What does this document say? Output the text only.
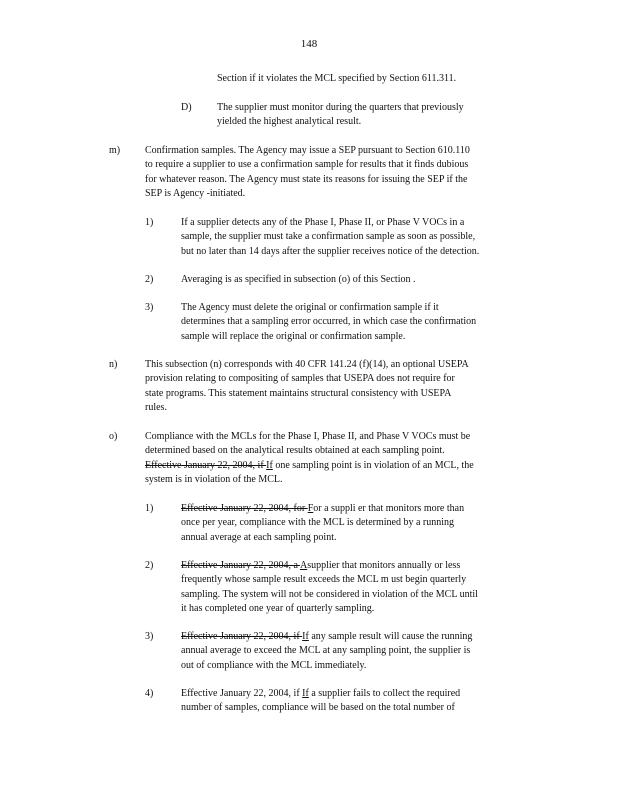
148
Section if it violates the MCL specified by Section 611.311.
D)	The supplier must monitor during the quarters that previously
yielded the highest analytical result.
m) Confirmation samples. The Agency may issue a SEP pursuant to Section 610.110
to require a supplier to use a confirmation sample for results that it finds dubious
for whatever reason. The Agency must state its reasons for issuing the SEP if the
SEP is Agency -initiated.
1)	If a supplier detects any of the Phase I, Phase II, or Phase V VOCs in a
sample, the supplier must take a confirmation sample as soon as possible,
but no later than 14 days after the supplier receives notice of the detection.
2)	Averaging is as specified in subsection (o) of this Section .
3)	The Agency must delete the original or confirmation sample if it
determines that a sampling error occurred, in which case the confirmation
sample will replace the original or confirmation sample.
n)	This subsection (n) corresponds with 40 CFR 141.24 (f)(14), an optional USEPA
provision relating to compositing of samples that USEPA does not require for
state programs. This statement maintains structural consistency with USEPA
rules.
o)	Compliance with the MCLs for the Phase I, Phase II, and Phase V VOCs must be
determined based on the analytical results obtained at each sampling point.
Effective January 22, 2004, if If one sampling point is in violation of an MCL, the
system is in violation of the MCL.
1)	Effective January 22, 2004, for For a suppli er that monitors more than
once per year, compliance with the MCL is determined by a running
annual average at each sampling point.
2)	Effective January 22, 2004, a Asupplier that monitors annually or less
frequently whose sample result exceeds the MCL m ust begin quarterly
sampling. The system will not be considered in violation of the MCL until
it has completed one year of quarterly sampling.
3)	Effective January 22, 2004, if If any sample result will cause the running
annual average to exceed the MCL at any sampling point, the supplier is
out of compliance with the MCL immediately.
4)	Effective January 22, 2004, if If a supplier fails to collect the required
number of samples, compliance will be based on the total number of
